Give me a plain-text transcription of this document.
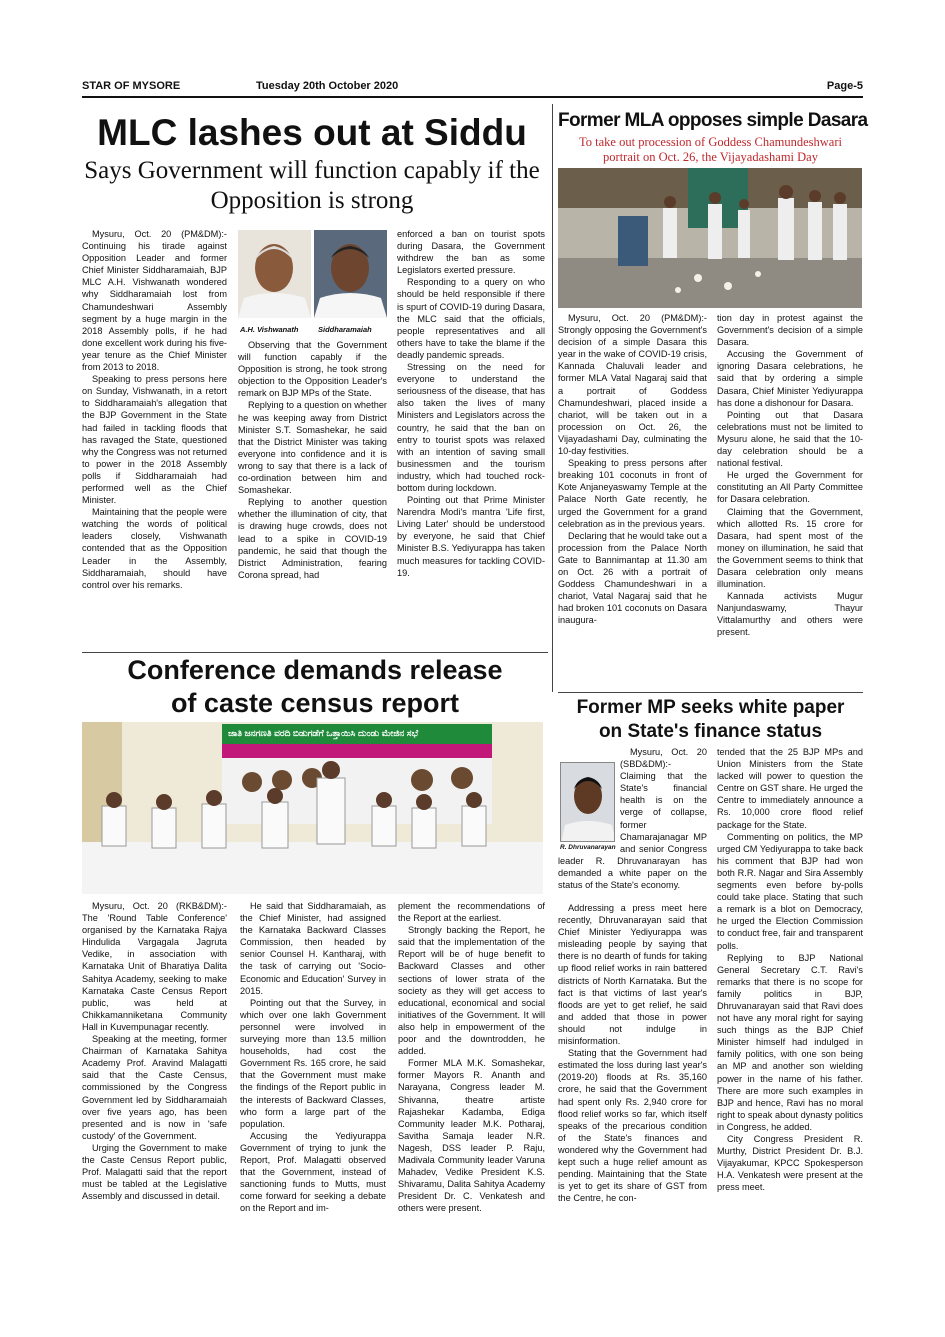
STAR OF MYSORE	Tuesday 20th October 2020	Page-5
MLC lashes out at Siddu
Says Government will function capably if the Opposition is strong

Mysuru, Oct. 20 (PM&DM):- Continuing his tirade against Opposition Leader and former Chief Minister Siddharamaiah, BJP MLC A.H. Vishwanath wondered why Siddharamaiah lost from Chamundeshwari Assembly segment by a huge margin in the 2018 Assembly polls, if he had done excellent work during his five-year tenure as the Chief Minister from 2013 to 2018.

Speaking to press persons here on Sunday, Vishwanath, in a retort to Siddharamaiah's allegation that the BJP Government in the State had failed in tackling floods that has ravaged the State, questioned why the Congress was not returned to power in the 2018 Assembly polls if Siddharamaiah had performed well as the Chief Minister.

Maintaining that the people were watching the words of political leaders closely, Vishwanath contended that as the Opposition Leader in the Assembly, Siddharamaiah, should have control over his remarks.

A.H. Vishwanath	Siddharamaiah

Observing that the Government will function capably if the Opposition is strong, he took strong objection to the Opposition Leader's remark on BJP MPs of the State.

Replying to a question on whether he was keeping away from District Minister S.T. Somashekar, he said that the District Minister was taking everyone into confidence and it is wrong to say that there is a lack of co-ordination between him and Somashekar.

Replying to another question whether the illumination of city, that is drawing huge crowds, does not lead to a spike in COVID-19 pandemic, he said that though the District Administration, fearing Corona spread, had

enforced a ban on tourist spots during Dasara, the Government withdrew the ban as some Legislators exerted pressure.

Responding to a query on who should be held responsible if there is spurt of COVID-19 during Dasara, the MLC said that the officials, people representatives and all others have to take the blame if the deadly pandemic spreads.

Stressing on the need for everyone to understand the seriousness of the disease, that has also taken the lives of many Ministers and Legislators across the country, he said that the ban on entry to tourist spots was relaxed with an intention of saving small businessmen and the tourism industry, which had touched rock-bottom during lockdown.

Pointing out that Prime Minister Narendra Modi's mantra 'Life first, Living Later' should be understood by everyone, he said that Chief Minister B.S. Yediyurappa has taken much measures for tackling COVID-19.

Former MLA opposes simple Dasara
To take out procession of Goddess Chamundeshwari portrait on Oct. 26, the Vijayadashami Day

Mysuru, Oct. 20 (PM&DM):- Strongly opposing the Government's decision of a simple Dasara this year in the wake of COVID-19 crisis, Kannada Chaluvali leader and former MLA Vatal Nagaraj said that a portrait of Goddess Chamundeshwari, placed inside a chariot, will be taken out in a procession on Oct. 26, the Vijayadashami Day, culminating the 10-day festivities.

Speaking to press persons after breaking 101 coconuts in front of Kote Anjaneyaswamy Temple at the Palace North Gate recently, he urged the Government for a grand celebration as in the previous years.

Declaring that he would take out a procession from the Palace North Gate to Bannimantap at 11.30 am on Oct. 26 with a portrait of Goddess Chamundeshwari in a chariot, Vatal Nagaraj said that he had broken 101 coconuts on Dasara inaugura-

tion day in protest against the Government's decision of a simple Dasara.

Accusing the Government of ignoring Dasara celebrations, he said that by ordering a simple Dasara, Chief Minister Yediyurappa has done a dishonour for Dasara.

Pointing out that Dasara celebrations must not be limited to Mysuru alone, he said that the 10-day celebration should be a national festival.

He urged the Government for constituting an All Party Committee for Dasara celebration.

Claiming that the Government, which allotted Rs. 15 crore for Dasara, had spent most of the money on illumination, he said that the Government seems to think that Dasara celebration only means illumination.

Kannada activists Mugur Nanjundaswamy, Thayur Vittalamurthy and others were present.

Conference demands release
of caste census report
ಜಾತಿ ಜನಗಣತಿ ವರದಿ ಬಿಡುಗಡೆಗೆ ಒತ್ತಾಯಿಸಿ ದುಂಡು ಮೇಜಿನ ಸಭೆ

Mysuru, Oct. 20 (RKB&DM):- The 'Round Table Conference' organised by the Karnataka Rajya Hindulida Vargagala Jagruta Vedike, in association with Karnataka Unit of Bharatiya Dalita Sahitya Academy, seeking to make Karnataka Caste Census Report public, was held at Chikkamanniketana Community Hall in Kuvempunagar recently.

Speaking at the meeting, former Chairman of Karnataka Sahitya Academy Prof. Aravind Malagatti said that the Caste Census, commissioned by the Congress Government led by Siddharamaiah over five years ago, has been presented and is now in 'safe custody' of the Government.

Urging the Government to make the Caste Census Report public, Prof. Malagatti said that the report must be tabled at the Legislative Assembly and discussed in detail.

He said that Siddharamaiah, as the Chief Minister, had assigned the Karnataka Backward Classes Commission, then headed by senior Counsel H. Kantharaj, with the task of carrying out 'Socio-Economic and Education' Survey in 2015.

Pointing out that the Survey, in which over one lakh Government personnel were involved in surveying more than 13.5 million households, had cost the Government Rs. 165 crore, he said that the Government must make the findings of the Report public in the interests of Backward Classes, who form a large part of the population.

Accusing the Yediyurappa Government of trying to junk the Report, Prof. Malagatti observed that the Government, instead of sanctioning funds to Mutts, must come forward for seeking a debate on the Report and im-

plement the recommendations of the Report at the earliest.

Strongly backing the Report, he said that the implementation of the Report will be of huge benefit to Backward Classes and other sections of lower strata of the society as they will get access to educational, economical and social initiatives of the Government. It will also help in empowerment of the poor and the downtrodden, he added.

Former MLA M.K. Somashekar, former Mayors R. Ananth and Narayana, Congress leader M. Shivanna, theatre artiste Rajashekar Kadamba, Ediga Community leader M.K. Potharaj, Savitha Samaja leader N.R. Nagesh, DSS leader P. Raju, Madivala Community leader Varuna Mahadev, Vedike President K.S. Shivaramu, Dalita Sahitya Academy President Dr. C. Venkatesh and others were present.

Former MP seeks white paper
on State's finance status
R. Dhruvanarayan
Mysuru, Oct. 20 (SBD&DM):- Claiming that the State's financial health is on the verge of collapse, former Chamarajanagar MP and senior Congress leader R. Dhruvanarayan has demanded a white paper on the status of the State's economy.

Addressing a press meet here recently, Dhruvanarayan said that Chief Minister Yediyurappa was misleading people by saying that there is no dearth of funds for taking up flood relief works in rain battered districts of North Karnataka. But the fact is that victims of last year's floods are yet to get relief, he said and added that those in power should not indulge in misinformation.

Stating that the Government had estimated the loss during last year's (2019-20) floods at Rs. 35,160 crore, he said that the Government had spent only Rs. 2,940 crore for flood relief works so far, which itself speaks of the precarious condition of the State's finances and wondered why the Government had kept such a huge relief amount as pending. Maintaining that the State is yet to get its share of GST from the Centre, he con-

tended that the 25 BJP MPs and Union Ministers from the State lacked will power to question the Centre on GST share. He urged the Centre to immediately announce a Rs. 10,000 crore flood relief package for the State.

Commenting on politics, the MP urged CM Yediyurappa to take back his comment that BJP had won both R.R. Nagar and Sira Assembly segments even before by-polls could take place. Stating that such a remark is a blot on Democracy, he urged the Election Commission to conduct free, fair and transparent polls.

Replying to BJP National General Secretary C.T. Ravi's remarks that there is no scope for family politics in BJP, Dhruvanarayan said that Ravi does not have any moral right for saying such things as the BJP Chief Minister himself had indulged in family politics, with one son being an MP and another son wielding power in the name of his father. There are more such examples in BJP and hence, Ravi has no moral right to speak about dynasty politics in Congress, he added.

City Congress President R. Murthy, District President Dr. B.J. Vijayakumar, KPCC Spokesperson H.A. Venkatesh were present at the press meet.
